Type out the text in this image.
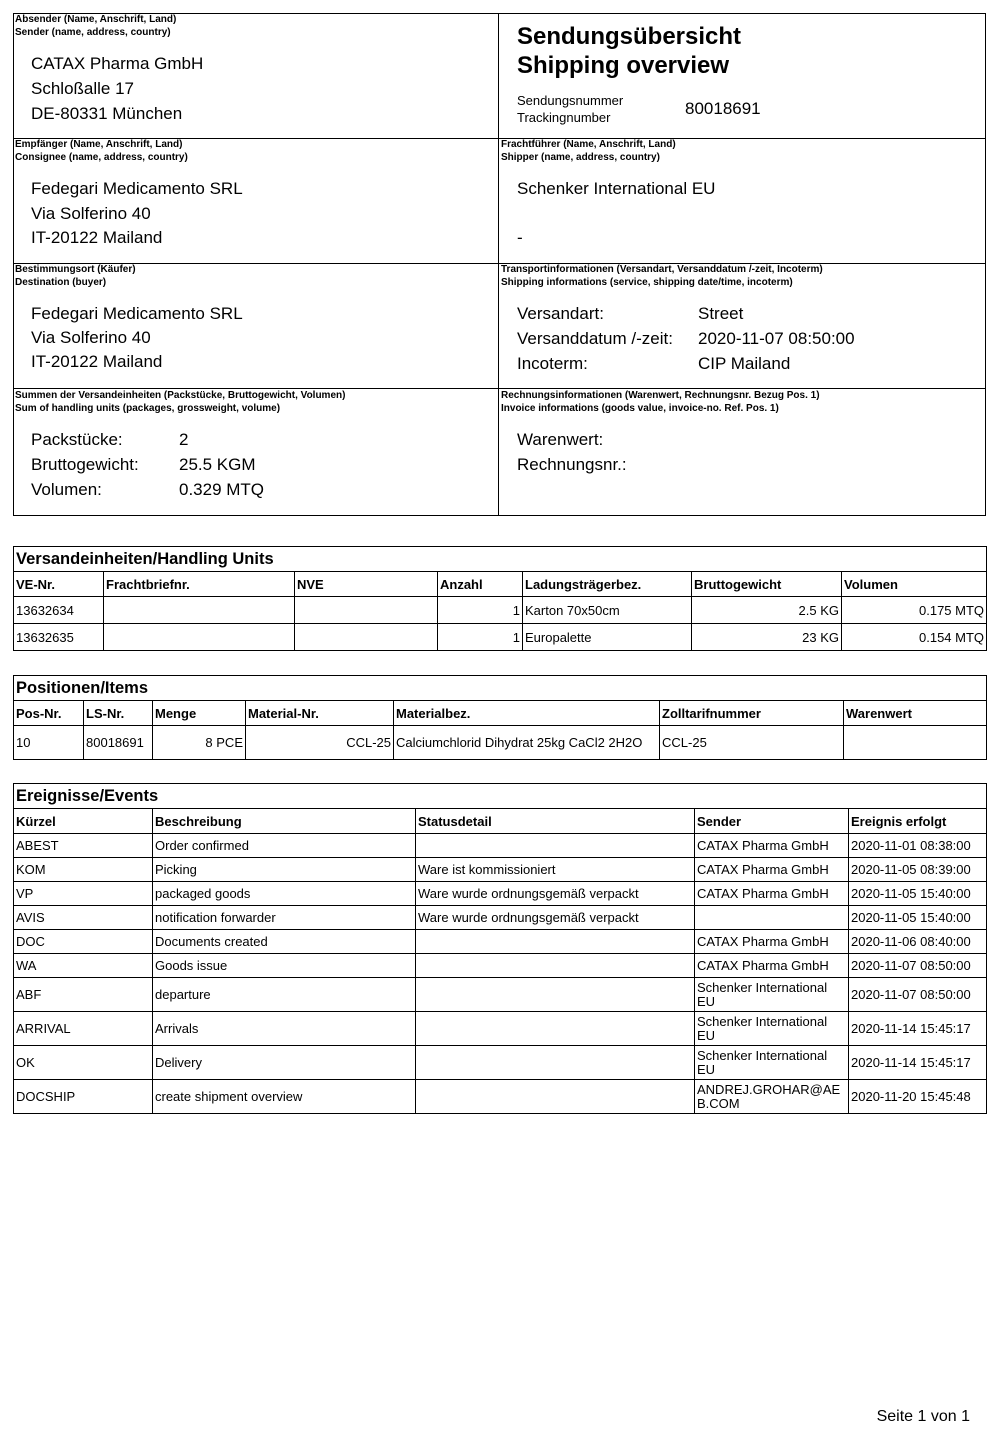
Absender (Name, Anschrift, Land)
Sender (name, address, country)
CATAX Pharma GmbH
Schloßalle 17
DE-80331 München
Sendungsübersicht
Shipping overview
Sendungsnummer
Trackingnumber	80018691
Empfänger (Name, Anschrift, Land)
Consignee (name, address, country)
Fedegari Medicamento SRL
Via Solferino 40
IT-20122 Mailand
Frachtführer (Name, Anschrift, Land)
Shipper (name, address, country)
Schenker International EU
-
Bestimmungsort (Käufer)
Destination (buyer)
Fedegari Medicamento SRL
Via Solferino 40
IT-20122 Mailand
Transportinformationen (Versandart, Versanddatum /-zeit, Incoterm)
Shipping informations (service, shipping date/time, incoterm)
Versandart:	Street
Versanddatum /-zeit: 2020-11-07 08:50:00
Incoterm:	CIP Mailand
Summen der Versandeinheiten (Packstücke, Bruttogewicht, Volumen)
Sum of handling units (packages, grossweight, volume)
Packstücke:	2
Bruttogewicht: 25.5 KGM
Volumen:	0.329 MTQ
Rechnungsinformationen (Warenwert, Rechnungsnr. Bezug Pos. 1)
Invoice informations (goods value, invoice-no. Ref. Pos. 1)
Warenwert:
Rechnungsnr.:
Versandeinheiten/Handling Units						
VE-Nr.	Frachtbriefnr.	NVE	Anzahl	Ladungsträgerbez.	Bruttogewicht	Volumen
13632634			1	Karton 70x50cm	2.5 KG	0.175 MTQ
13632635			1	Europalette	23 KG	0.154 MTQ
Positionen/Items						
Pos-Nr.	LS-Nr.	Menge	Material-Nr.	Materialbez.	Zolltarifnummer	Warenwert
10	80018691	8 PCE	CCL-25	Calciumchlorid Dihydrat 25kg CaCl2 2H2O	CCL-25	
Ereignisse/Events				
Kürzel	Beschreibung	Statusdetail	Sender	Ereignis erfolgt
ABEST	Order confirmed		CATAX Pharma GmbH	2020-11-01 08:38:00
KOM	Picking	Ware ist kommissioniert	CATAX Pharma GmbH	2020-11-05 08:39:00
VP	packaged goods	Ware wurde ordnungsgemäß verpackt	CATAX Pharma GmbH	2020-11-05 15:40:00
AVIS	notification forwarder	Ware wurde ordnungsgemäß verpackt		2020-11-05 15:40:00
DOC	Documents created		CATAX Pharma GmbH	2020-11-06 08:40:00
WA	Goods issue		CATAX Pharma GmbH	2020-11-07 08:50:00
ABF	departure		Schenker International EU	2020-11-07 08:50:00
ARRIVAL	Arrivals		Schenker International EU	2020-11-14 15:45:17
OK	Delivery		Schenker International EU	2020-11-14 15:45:17
DOCSHIP	create shipment overview		ANDREJ.GROHAR@AEB.COM	2020-11-20 15:45:48
Seite 1 von 1
